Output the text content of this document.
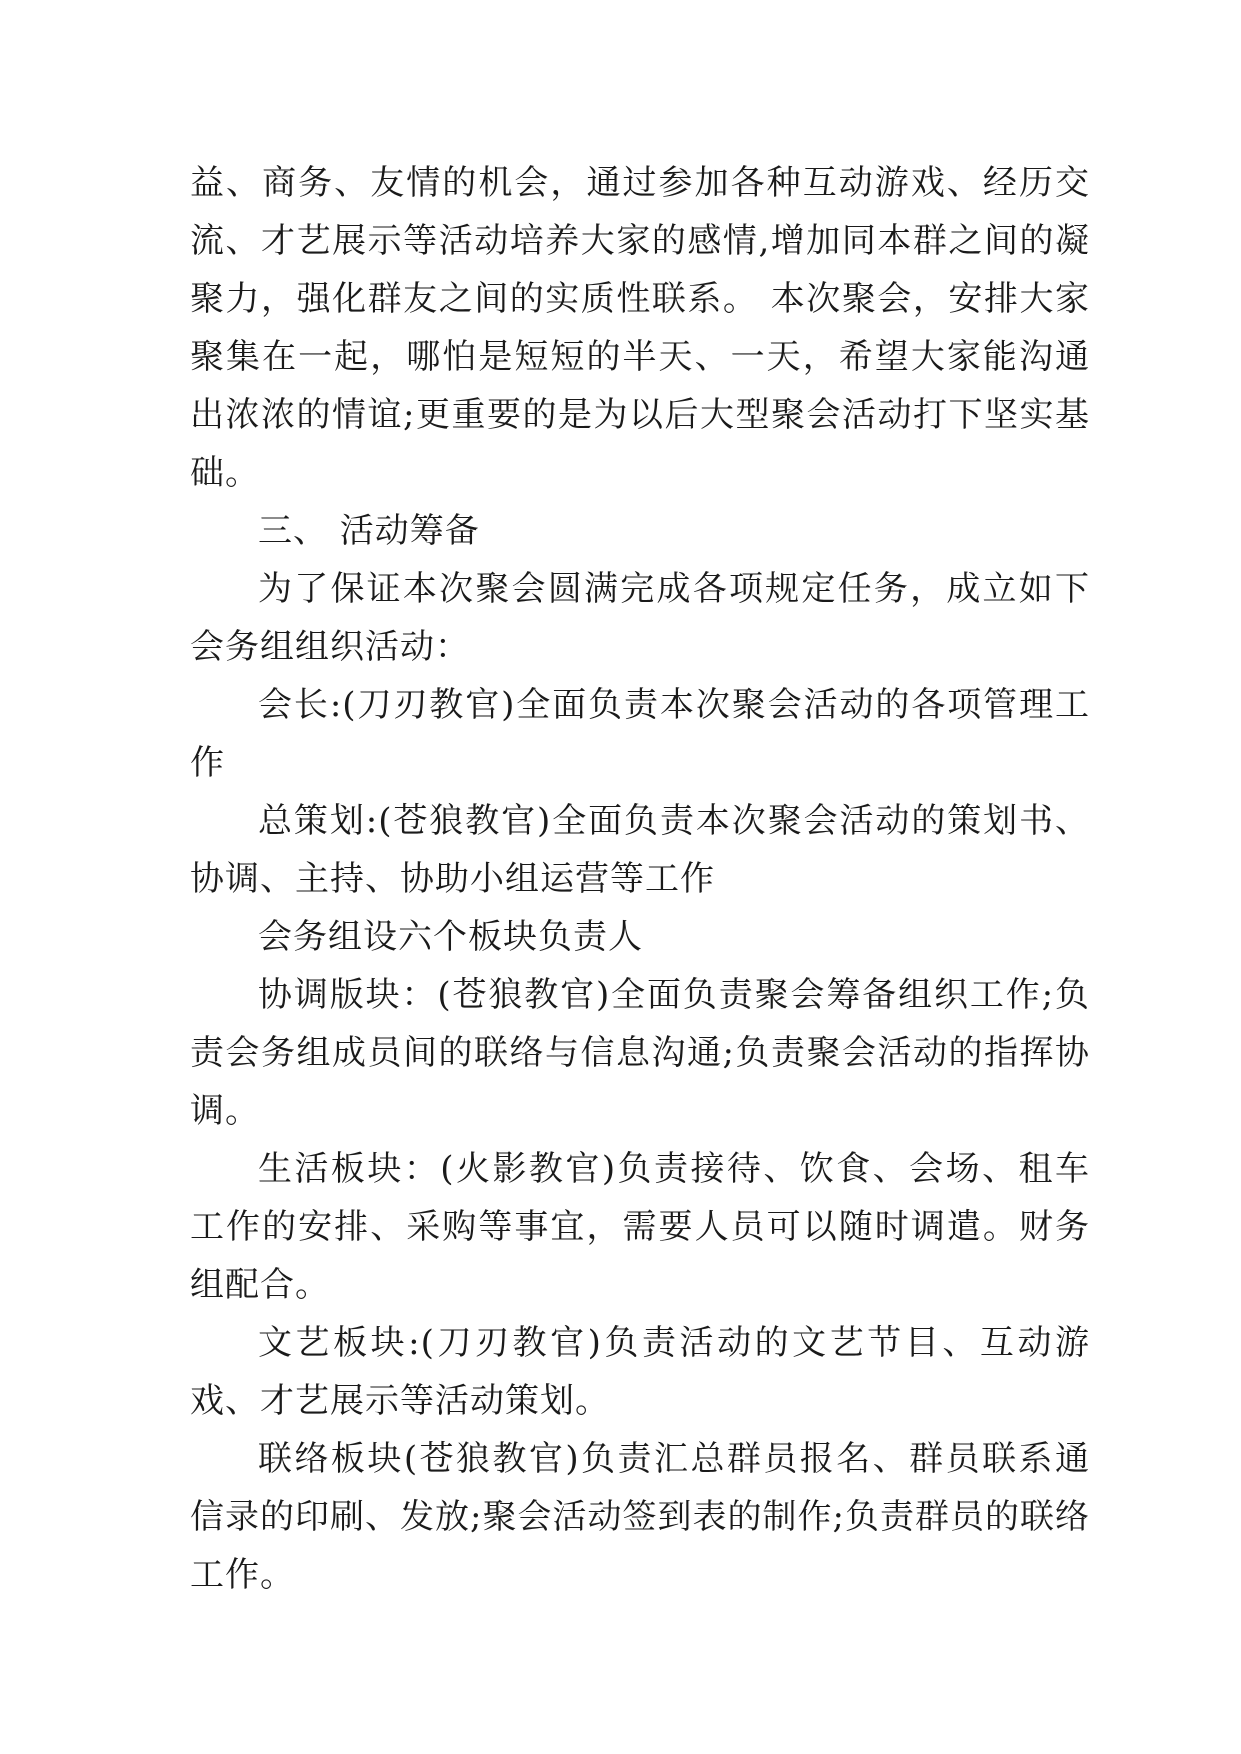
益、商务、友情的机会，通过参加各种互动游戏、经历交流、才艺展示等活动培养大家的感情,增加同本群之间的凝聚力，强化群友之间的实质性联系。 本次聚会，安排大家聚集在一起，哪怕是短短的半天、一天，希望大家能沟通出浓浓的情谊;更重要的是为以后大型聚会活动打下坚实基础。

三、 活动筹备

为了保证本次聚会圆满完成各项规定任务，成立如下会务组组织活动：

会长:(刀刃教官)全面负责本次聚会活动的各项管理工作

总策划:(苍狼教官)全面负责本次聚会活动的策划书、协调、主持、协助小组运营等工作

会务组设六个板块负责人

协调版块：(苍狼教官)全面负责聚会筹备组织工作;负责会务组成员间的联络与信息沟通;负责聚会活动的指挥协调。

生活板块：(火影教官)负责接待、饮食、会场、租车工作的安排、采购等事宜，需要人员可以随时调遣。财务组配合。

文艺板块:(刀刃教官)负责活动的文艺节目、互动游戏、才艺展示等活动策划。

联络板块(苍狼教官)负责汇总群员报名、群员联系通信录的印刷、发放;聚会活动签到表的制作;负责群员的联络工作。
